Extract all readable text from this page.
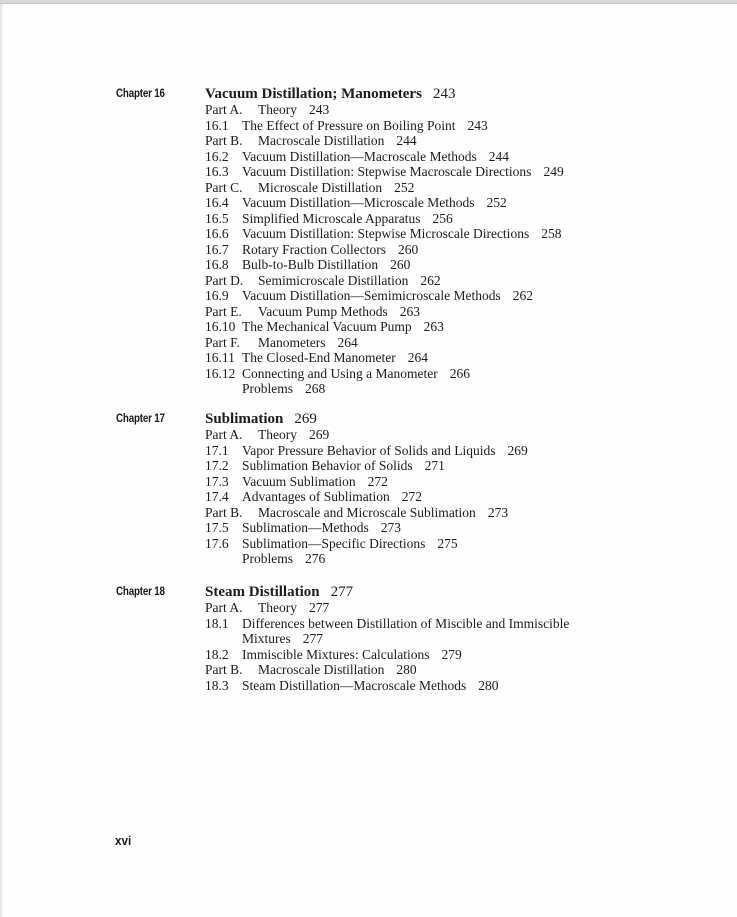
Chapter 16	Vacuum Distillation; Manometers 243
Part A. Theory 243
16.1 The Effect of Pressure on Boiling Point 243
Part B. Macroscale Distillation 244
16.2 Vacuum Distillation—Macroscale Methods 244
16.3 Vacuum Distillation: Stepwise Macroscale Directions 249
Part C. Microscale Distillation 252
16.4 Vacuum Distillation—Microscale Methods 252
16.5 Simplified Microscale Apparatus 256
16.6 Vacuum Distillation: Stepwise Microscale Directions 258
16.7 Rotary Fraction Collectors 260
16.8 Bulb-to-Bulb Distillation 260
Part D. Semimicroscale Distillation 262
16.9 Vacuum Distillation—Semimicroscale Methods 262
Part E. Vacuum Pump Methods 263
16.10 The Mechanical Vacuum Pump 263
Part F. Manometers 264
16.11 The Closed-End Manometer 264
16.12 Connecting and Using a Manometer 266
Problems 268
Chapter 17	Sublimation 269
Part A. Theory 269
17.1 Vapor Pressure Behavior of Solids and Liquids 269
17.2 Sublimation Behavior of Solids 271
17.3 Vacuum Sublimation 272
17.4 Advantages of Sublimation 272
Part B. Macroscale and Microscale Sublimation 273
17.5 Sublimation—Methods 273
17.6 Sublimation—Specific Directions 275
Problems 276
Chapter 18	Steam Distillation 277
Part A. Theory 277
18.1 Differences between Distillation of Miscible and Immiscible
Mixtures 277
18.2 Immiscible Mixtures: Calculations 279
Part B. Macroscale Distillation 280
18.3 Steam Distillation—Macroscale Methods 280
xvi
